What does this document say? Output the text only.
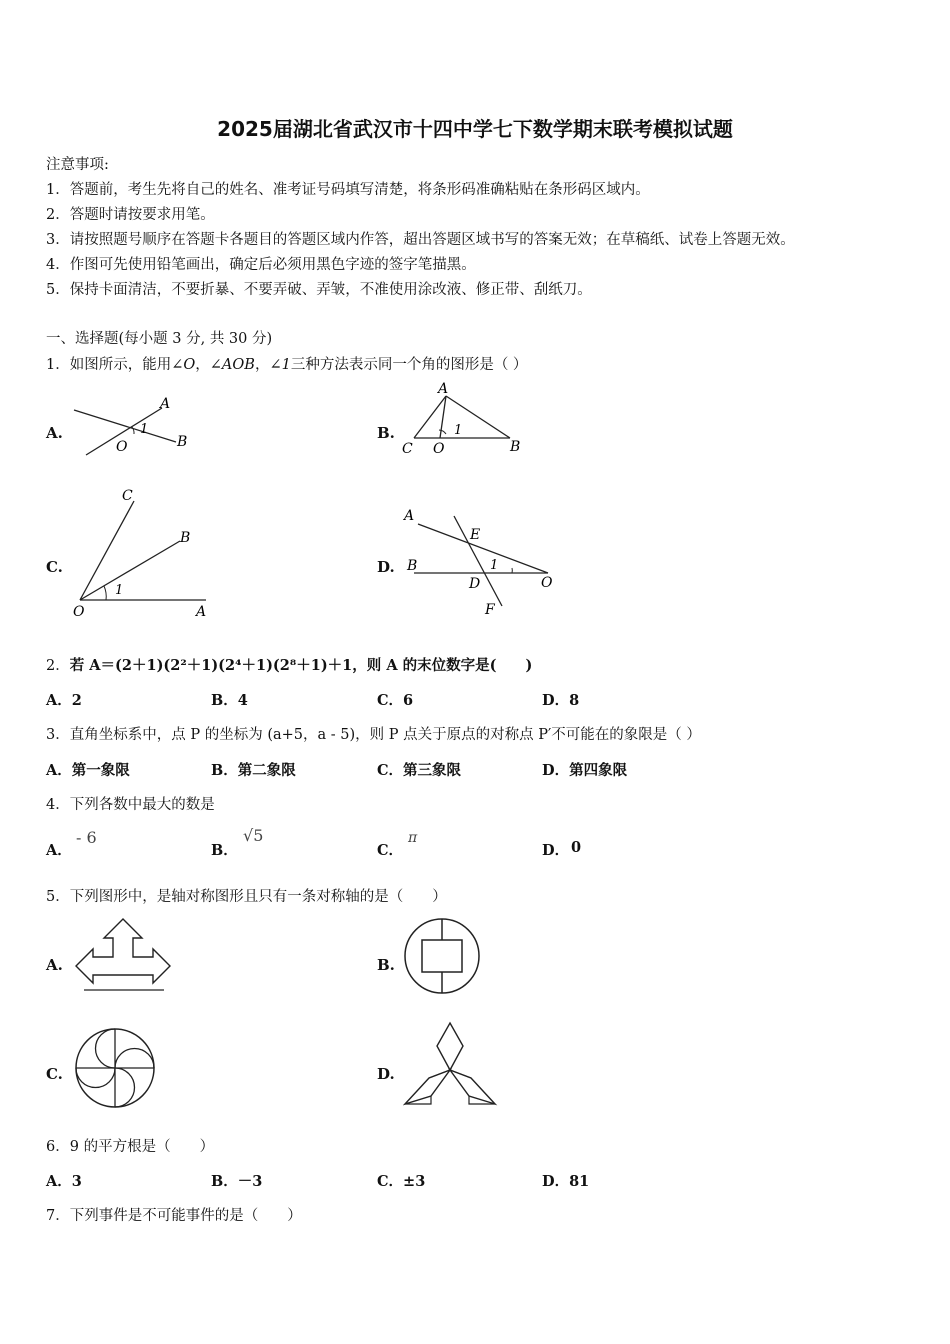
2025届湖北省武汉市十四中学七下数学期末联考模拟试题
注意事项:
1．答题前，考生先将自己的姓名、准考证号码填写清楚，将条形码准确粘贴在条形码区域内。
2．答题时请按要求用笔。
3．请按照题号顺序在答题卡各题目的答题区域内作答，超出答题区域书写的答案无效；在草稿纸、试卷上答题无效。
4．作图可先使用铅笔画出，确定后必须用黑色字迹的签字笔描黑。
5．保持卡面清洁，不要折暴、不要弄破、弄皱，不准使用涂改液、修正带、刮纸刀。
一、选择题(每小题 3 分, 共 30 分)
1．如图所示，能用∠O，∠AOB，∠1三种方法表示同一个角的图形是（ ）
A.	B.
C.	D.
A
O	B
1
A
C O	B
1
C
B
O	A
1
A
E
B	1
D	O
F
2．若 A＝(2＋1)(2²＋1)(2⁴＋1)(2⁸＋1)＋1，则 A 的末位数字是(　　)
A．2	B．4	C．6	D．8
3．直角坐标系中，点 P 的坐标为 (a+5，a - 5)，则 P 点关于原点的对称点 P′不可能在的象限是（ ）
A．第一象限	B．第二象限	C．第三象限	D．第四象限
4．下列各数中最大的数是
A．
- 6
B．
√5
C．
π
D． 0
5．下列图形中，是轴对称图形且只有一条对称轴的是（　　）
A.	B.
C.	D.
6．9 的平方根是（　　）
A．3	B．－3	C．±3	D．81
7．下列事件是不可能事件的是（　　）
